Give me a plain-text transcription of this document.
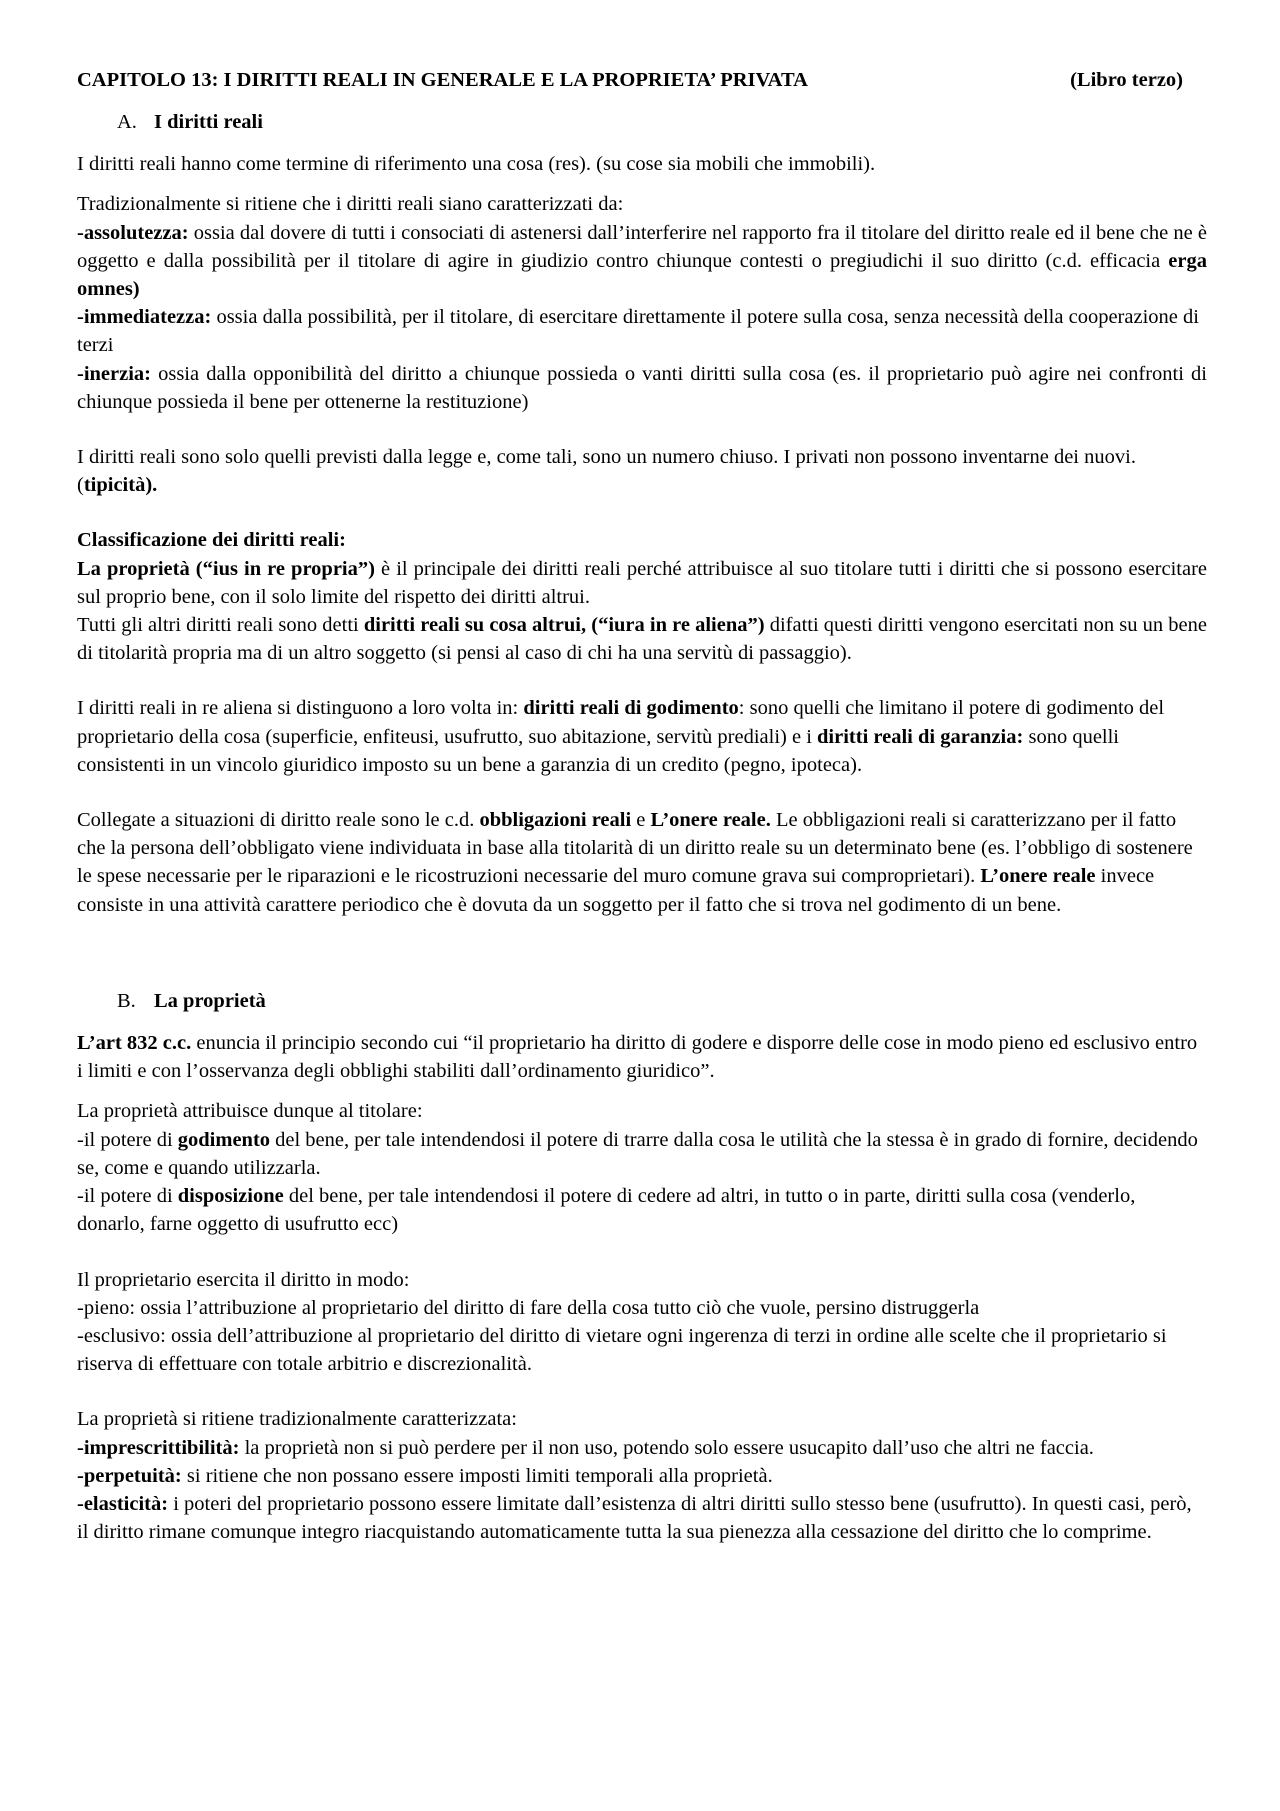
CAPITOLO 13: I DIRITTI REALI IN GENERALE E LA PROPRIETA’ PRIVATA	(Libro terzo)
A. I diritti reali

I diritti reali hanno come termine di riferimento una cosa (res). (su cose sia mobili che immobili).

Tradizionalmente si ritiene che i diritti reali siano caratterizzati da:

-assolutezza: ossia dal dovere di tutti i consociati di astenersi dall’interferire nel rapporto fra il titolare del diritto reale ed il bene che ne è oggetto e dalla possibilità per il titolare di agire in giudizio contro chiunque contesti o pregiudichi il suo diritto (c.d. efficacia erga omnes)

-immediatezza: ossia dalla possibilità, per il titolare, di esercitare direttamente il potere sulla cosa, senza necessità della cooperazione di terzi

-inerzia: ossia dalla opponibilità del diritto a chiunque possieda o vanti diritti sulla cosa (es. il proprietario può agire nei confronti di chiunque possieda il bene per ottenerne la restituzione)

I diritti reali sono solo quelli previsti dalla legge e, come tali, sono un numero chiuso. I privati non possono inventarne dei nuovi. (tipicità).

Classificazione dei diritti reali:

La proprietà (“ius in re propria”) è il principale dei diritti reali perché attribuisce al suo titolare tutti i diritti che si possono esercitare sul proprio bene, con il solo limite del rispetto dei diritti altrui.

Tutti gli altri diritti reali sono detti diritti reali su cosa altrui, (“iura in re aliena”) difatti questi diritti vengono esercitati non su un bene di titolarità propria ma di un altro soggetto (si pensi al caso di chi ha una servitù di passaggio).

I diritti reali in re aliena si distinguono a loro volta in: diritti reali di godimento: sono quelli che limitano il potere di godimento del proprietario della cosa (superficie, enfiteusi, usufrutto, suo abitazione, servitù prediali) e i diritti reali di garanzia: sono quelli consistenti in un vincolo giuridico imposto su un bene a garanzia di un credito (pegno, ipoteca).

Collegate a situazioni di diritto reale sono le c.d. obbligazioni reali e L’onere reale. Le obbligazioni reali si caratterizzano per il fatto che la persona dell’obbligato viene individuata in base alla titolarità di un diritto reale su un determinato bene (es. l’obbligo di sostenere le spese necessarie per le riparazioni e le ricostruzioni necessarie del muro comune grava sui comproprietari). L’onere reale invece consiste in una attività carattere periodico che è dovuta da un soggetto per il fatto che si trova nel godimento di un bene.

B. La proprietà

L’art 832 c.c. enuncia il principio secondo cui “il proprietario ha diritto di godere e disporre delle cose in modo pieno ed esclusivo entro i limiti e con l’osservanza degli obblighi stabiliti dall’ordinamento giuridico”.

La proprietà attribuisce dunque al titolare:

-il potere di godimento del bene, per tale intendendosi il potere di trarre dalla cosa le utilità che la stessa è in grado di fornire, decidendo se, come e quando utilizzarla.

-il potere di disposizione del bene, per tale intendendosi il potere di cedere ad altri, in tutto o in parte, diritti sulla cosa (venderlo, donarlo, farne oggetto di usufrutto ecc)

Il proprietario esercita il diritto in modo:

-pieno: ossia l’attribuzione al proprietario del diritto di fare della cosa tutto ciò che vuole, persino distruggerla

-esclusivo: ossia dell’attribuzione al proprietario del diritto di vietare ogni ingerenza di terzi in ordine alle scelte che il proprietario si riserva di effettuare con totale arbitrio e discrezionalità.

La proprietà si ritiene tradizionalmente caratterizzata:

-imprescrittibilità: la proprietà non si può perdere per il non uso, potendo solo essere usucapito dall’uso che altri ne faccia.

-perpetuità: si ritiene che non possano essere imposti limiti temporali alla proprietà.

-elasticità: i poteri del proprietario possono essere limitate dall’esistenza di altri diritti sullo stesso bene (usufrutto). In questi casi, però, il diritto rimane comunque integro riacquistando automaticamente tutta la sua pienezza alla cessazione del diritto che lo comprime.
